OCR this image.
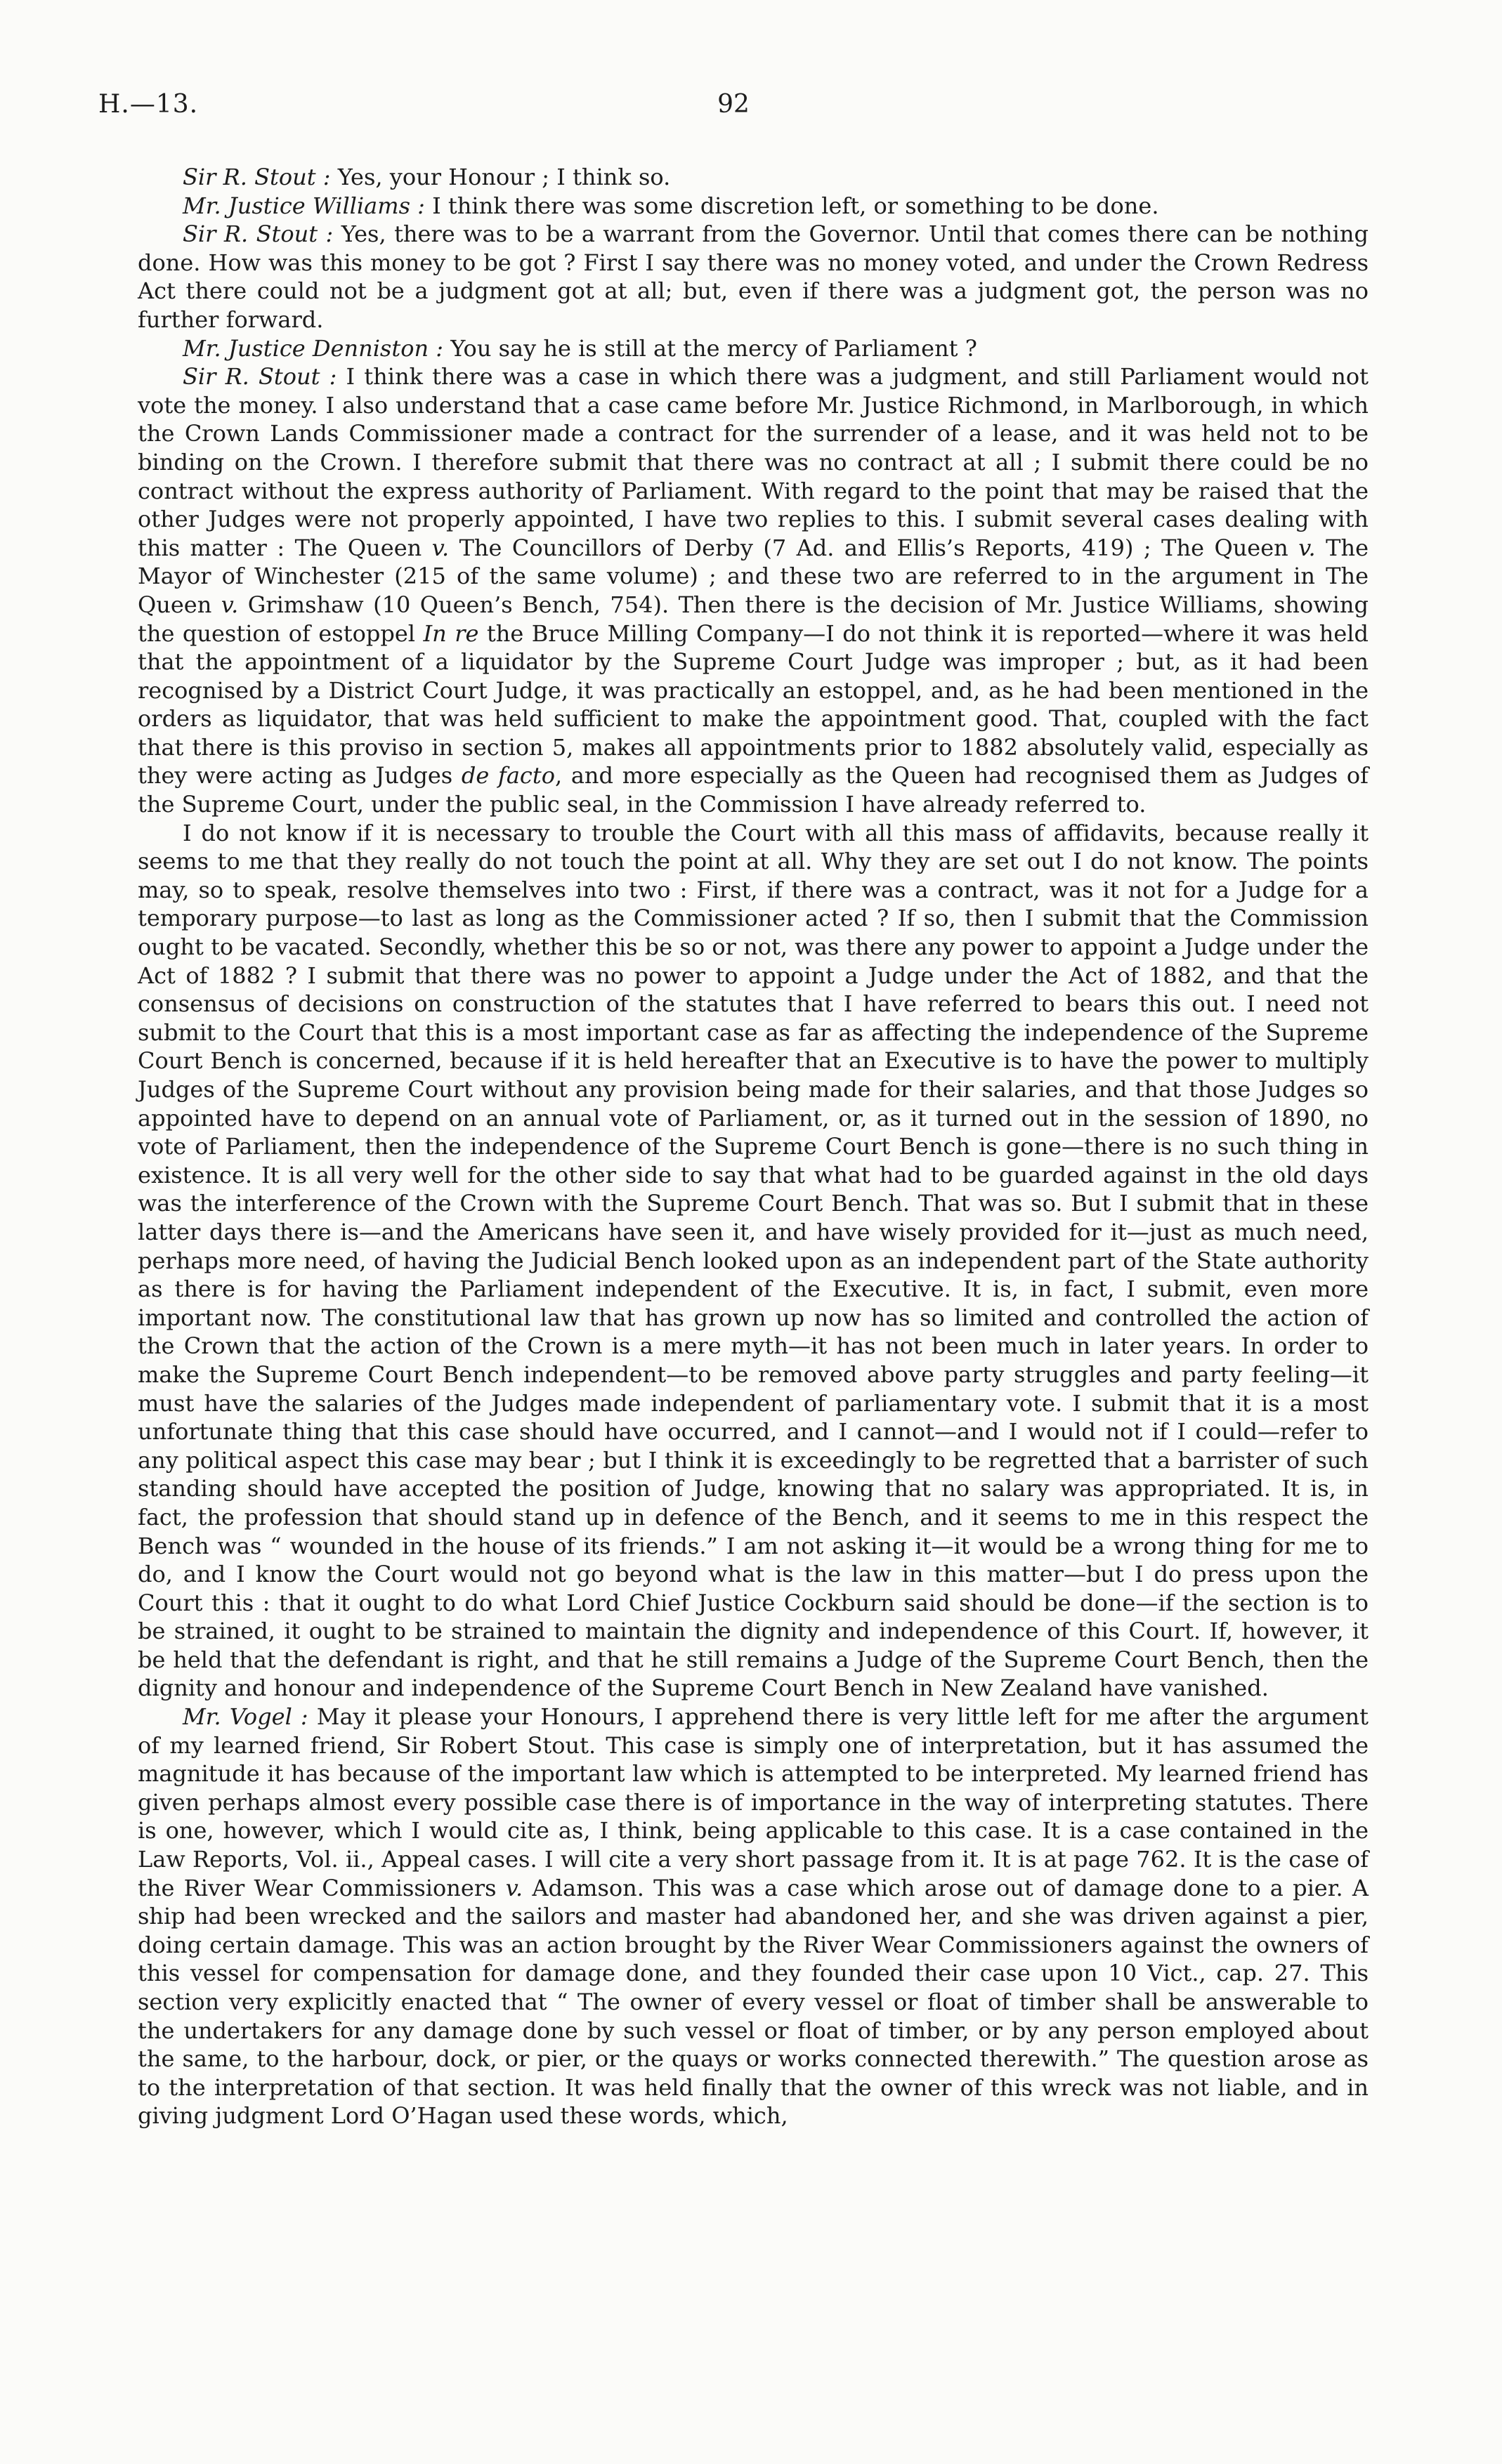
H.—13.	92

Sir R. Stout : Yes, your Honour ; I think so.

Mr. Justice Williams : I think there was some discretion left, or something to be done.

Sir R. Stout : Yes, there was to be a warrant from the Governor. Until that comes there can be nothing done. How was this money to be got ? First I say there was no money voted, and under the Crown Redress Act there could not be a judgment got at all; but, even if there was a judgment got, the person was no further forward.

Mr. Justice Denniston : You say he is still at the mercy of Parliament ?

Sir R. Stout : I think there was a case in which there was a judgment, and still Parliament would not vote the money. I also understand that a case came before Mr. Justice Richmond, in Marlborough, in which the Crown Lands Commissioner made a contract for the surrender of a lease, and it was held not to be binding on the Crown. I therefore submit that there was no contract at all ; I submit there could be no contract without the express authority of Parliament. With regard to the point that may be raised that the other Judges were not properly appointed, I have two replies to this. I submit several cases dealing with this matter : The Queen v. The Councillors of Derby (7 Ad. and Ellis’s Reports, 419) ; The Queen v. The Mayor of Winchester (215 of the same volume) ; and these two are referred to in the argument in The Queen v. Grimshaw (10 Queen’s Bench, 754). Then there is the decision of Mr. Justice Williams, showing the question of estoppel In re the Bruce Milling Company—I do not think it is reported—where it was held that the appointment of a liquidator by the Supreme Court Judge was improper ; but, as it had been recognised by a District Court Judge, it was practically an estoppel, and, as he had been mentioned in the orders as liquidator, that was held sufficient to make the appointment good. That, coupled with the fact that there is this proviso in section 5, makes all appointments prior to 1882 absolutely valid, especially as they were acting as Judges de facto, and more especially as the Queen had recognised them as Judges of the Supreme Court, under the public seal, in the Commission I have already referred to.

I do not know if it is necessary to trouble the Court with all this mass of affidavits, because really it seems to me that they really do not touch the point at all. Why they are set out I do not know. The points may, so to speak, resolve themselves into two : First, if there was a contract, was it not for a Judge for a temporary purpose—to last as long as the Commissioner acted ? If so, then I submit that the Commission ought to be vacated. Secondly, whether this be so or not, was there any power to appoint a Judge under the Act of 1882 ? I submit that there was no power to appoint a Judge under the Act of 1882, and that the consensus of decisions on construction of the statutes that I have referred to bears this out. I need not submit to the Court that this is a most important case as far as affecting the independence of the Supreme Court Bench is concerned, because if it is held hereafter that an Executive is to have the power to multiply Judges of the Supreme Court without any provision being made for their salaries, and that those Judges so appointed have to depend on an annual vote of Parliament, or, as it turned out in the session of 1890, no vote of Parliament, then the independence of the Supreme Court Bench is gone—there is no such thing in existence. It is all very well for the other side to say that what had to be guarded against in the old days was the interference of the Crown with the Supreme Court Bench. That was so. But I submit that in these latter days there is—and the Americans have seen it, and have wisely provided for it—just as much need, perhaps more need, of having the Judicial Bench looked upon as an independent part of the State authority as there is for having the Parliament independent of the Executive. It is, in fact, I submit, even more important now. The constitutional law that has grown up now has so limited and controlled the action of the Crown that the action of the Crown is a mere myth—it has not been much in later years. In order to make the Supreme Court Bench independent—to be removed above party struggles and party feeling—it must have the salaries of the Judges made independent of parliamentary vote. I submit that it is a most unfortunate thing that this case should have occurred, and I cannot—and I would not if I could—refer to any political aspect this case may bear ; but I think it is exceedingly to be regretted that a barrister of such standing should have accepted the position of Judge, knowing that no salary was appropriated. It is, in fact, the profession that should stand up in defence of the Bench, and it seems to me in this respect the Bench was “ wounded in the house of its friends.” I am not asking it—it would be a wrong thing for me to do, and I know the Court would not go beyond what is the law in this matter—but I do press upon the Court this : that it ought to do what Lord Chief Justice Cockburn said should be done—if the section is to be strained, it ought to be strained to maintain the dignity and independence of this Court. If, however, it be held that the defendant is right, and that he still remains a Judge of the Supreme Court Bench, then the dignity and honour and independence of the Supreme Court Bench in New Zealand have vanished.

Mr. Vogel : May it please your Honours, I apprehend there is very little left for me after the argument of my learned friend, Sir Robert Stout. This case is simply one of interpretation, but it has assumed the magnitude it has because of the important law which is attempted to be interpreted. My learned friend has given perhaps almost every possible case there is of importance in the way of interpreting statutes. There is one, however, which I would cite as, I think, being applicable to this case. It is a case contained in the Law Reports, Vol. ii., Appeal cases. I will cite a very short passage from it. It is at page 762. It is the case of the River Wear Commissioners v. Adamson. This was a case which arose out of damage done to a pier. A ship had been wrecked and the sailors and master had abandoned her, and she was driven against a pier, doing certain damage. This was an action brought by the River Wear Commissioners against the owners of this vessel for compensation for damage done, and they founded their case upon 10 Vict., cap. 27. This section very explicitly enacted that “ The owner of every vessel or float of timber shall be answerable to the undertakers for any damage done by such vessel or float of timber, or by any person employed about the same, to the harbour, dock, or pier, or the quays or works connected therewith.” The question arose as to the interpretation of that section. It was held finally that the owner of this wreck was not liable, and in giving judgment Lord O’Hagan used these words, which,
